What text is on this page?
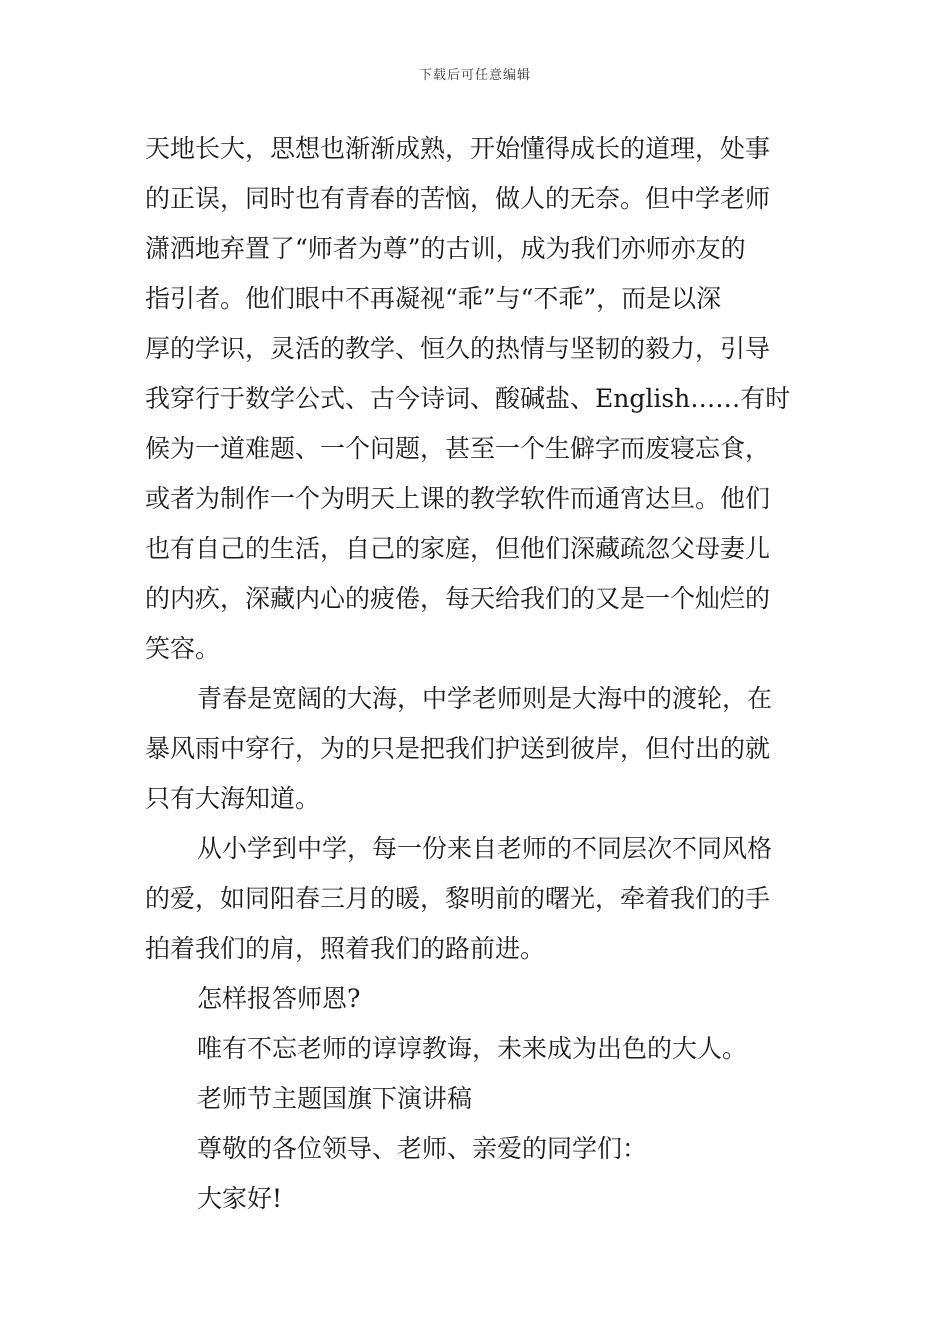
下载后可任意编辑
天地长大，思想也渐渐成熟，开始懂得成长的道理，处事
的正误，同时也有青春的苦恼，做人的无奈。但中学老师
潇洒地弃置了“师者为尊”的古训，成为我们亦师亦友的
指引者。他们眼中不再凝视“乖”与“不乖”，而是以深
厚的学识，灵活的教学、恒久的热情与坚韧的毅力，引导
我穿行于数学公式、古今诗词、酸碱盐、English……有时
候为一道难题、一个问题，甚至一个生僻字而废寝忘食，
或者为制作一个为明天上课的教学软件而通宵达旦。他们
也有自己的生活，自己的家庭，但他们深藏疏忽父母妻儿
的内疚，深藏内心的疲倦，每天给我们的又是一个灿烂的
笑容。
青春是宽阔的大海，中学老师则是大海中的渡轮，在
暴风雨中穿行，为的只是把我们护送到彼岸，但付出的就
只有大海知道。
从小学到中学，每一份来自老师的不同层次不同风格
的爱，如同阳春三月的暖，黎明前的曙光，牵着我们的手
拍着我们的肩，照着我们的路前进。
怎样报答师恩?
唯有不忘老师的谆谆教诲，未来成为出色的大人。
老师节主题国旗下演讲稿
尊敬的各位领导、老师、亲爱的同学们：
大家好!
